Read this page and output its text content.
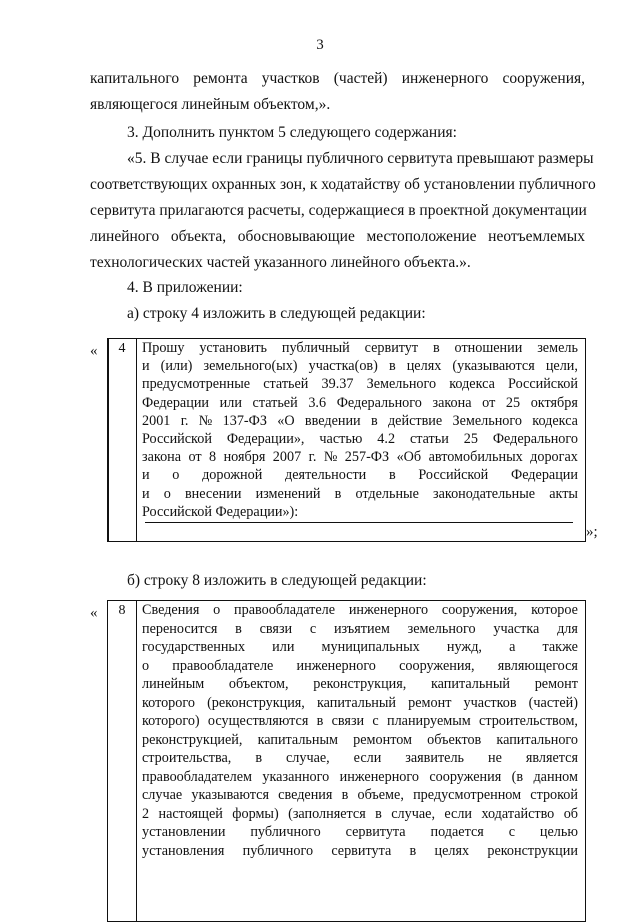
3
капитального ремонта участков (частей) инженерного сооружения,
являющегося линейным объектом,».
3. Дополнить пунктом 5 следующего содержания:
«5. В случае если границы публичного сервитута превышают размеры
соответствующих охранных зон, к ходатайству об установлении публичного
сервитута прилагаются расчеты, содержащиеся в проектной документации
линейного объекта, обосновывающие местоположение неотъемлемых
технологических частей указанного линейного объекта.».
4. В приложении:
а) строку 4 изложить в следующей редакции:
«	4	Прошу установить публичный сервитут в отношении земель
и (или) земельного(ых) участка(ов) в целях (указываются цели,
предусмотренные статьей 39.37 Земельного кодекса Российской
Федерации или статьей 3.6 Федерального закона от 25 октября
2001 г. № 137-ФЗ «О введении в действие Земельного кодекса
Российской Федерации», частью 4.2 статьи 25 Федерального
закона от 8 ноября 2007 г. № 257-ФЗ «Об автомобильных дорогах
и о дорожной деятельности в Российской Федерации
и о внесении изменений в отдельные законодательные акты
Российской Федерации»):
»;
б) строку 8 изложить в следующей редакции:
«	8	Сведения о правообладателе инженерного сооружения, которое
переносится в связи с изъятием земельного участка для
государственных или муниципальных нужд, а также
о правообладателе инженерного сооружения, являющегося
линейным объектом, реконструкция, капитальный ремонт
которого (реконструкция, капитальный ремонт участков (частей)
которого) осуществляются в связи с планируемым строительством,
реконструкцией, капитальным ремонтом объектов капитального
строительства, в случае, если заявитель не является
правообладателем указанного инженерного сооружения (в данном
случае указываются сведения в объеме, предусмотренном строкой
2 настоящей формы) (заполняется в случае, если ходатайство об
установлении публичного сервитута подается с целью
установления публичного сервитута в целях реконструкции
